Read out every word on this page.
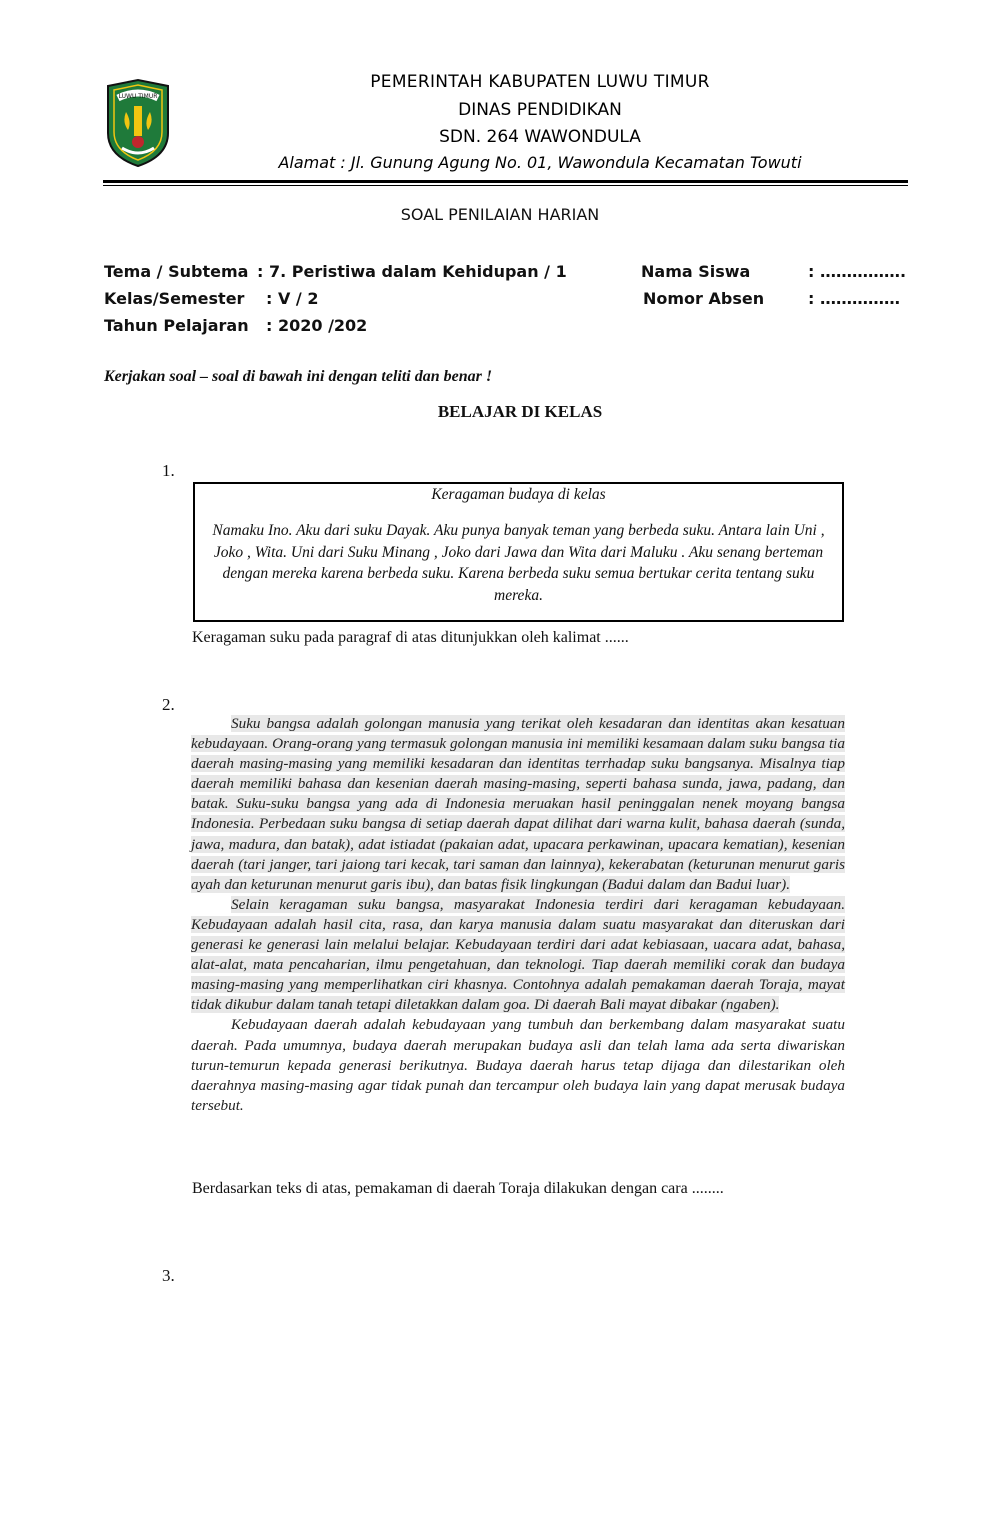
LUWU TIMUR
PEMERINTAH KABUPATEN LUWU TIMUR
DINAS PENDIDIKAN
SDN. 264 WAWONDULA
Alamat : Jl. Gunung Agung No. 01, Wawondula Kecamatan Towuti
SOAL PENILAIAN HARIAN
Tema / Subtema : 7. Peristiwa dalam Kehidupan / 1
Kelas/Semester : V / 2
Tahun Pelajaran : 2020 /202
Nama Siswa	: …………….
Nomor Absen	: ……………
Kerjakan soal – soal di bawah ini dengan teliti dan benar !
BELAJAR DI KELAS
1.
Keragaman budaya di kelas
Namaku Ino. Aku dari suku Dayak. Aku punya banyak teman yang berbeda suku. Antara lain Uni , Joko , Wita. Uni dari Suku Minang , Joko dari Jawa dan Wita dari Maluku . Aku senang berteman dengan mereka karena berbeda suku. Karena berbeda suku semua bertukar cerita tentang suku mereka.
Keragaman suku pada paragraf di atas ditunjukkan oleh kalimat ......
2.

Suku bangsa adalah golongan manusia yang terikat oleh kesadaran dan identitas akan kesatuan kebudayaan. Orang-orang yang termasuk golongan manusia ini memiliki kesamaan dalam suku bangsa tia daerah masing-masing yang memiliki kesadaran dan identitas terrhadap suku bangsanya. Misalnya tiap daerah memiliki bahasa dan kesenian daerah masing-masing, seperti bahasa sunda, jawa, padang, dan batak. Suku-suku bangsa yang ada di Indonesia meruakan hasil peninggalan nenek moyang bangsa Indonesia. Perbedaan suku bangsa di setiap daerah dapat dilihat dari warna kulit, bahasa daerah (sunda, jawa, madura, dan batak), adat istiadat (pakaian adat, upacara perkawinan, upacara kematian), kesenian daerah (tari janger, tari jaiong tari kecak, tari saman dan lainnya), kekerabatan (keturunan menurut garis ayah dan keturunan menurut garis ibu), dan batas fisik lingkungan (Badui dalam dan Badui luar).

Selain keragaman suku bangsa, masyarakat Indonesia terdiri dari keragaman kebudayaan. Kebudayaan adalah hasil cita, rasa, dan karya manusia dalam suatu masyarakat dan diteruskan dari generasi ke generasi lain melalui belajar. Kebudayaan terdiri dari adat kebiasaan, uacara adat, bahasa, alat-alat, mata pencaharian, ilmu pengetahuan, dan teknologi. Tiap daerah memiliki corak dan budaya masing-masing yang memperlihatkan ciri khasnya. Contohnya adalah pemakaman daerah Toraja, mayat tidak dikubur dalam tanah tetapi diletakkan dalam goa. Di daerah Bali mayat dibakar (ngaben).

Kebudayaan daerah adalah kebudayaan yang tumbuh dan berkembang dalam masyarakat suatu daerah. Pada umumnya, budaya daerah merupakan budaya asli dan telah lama ada serta diwariskan turun-temurun kepada generasi berikutnya. Budaya daerah harus tetap dijaga dan dilestarikan oleh daerahnya masing-masing agar tidak punah dan tercampur oleh budaya lain yang dapat merusak budaya tersebut.

Berdasarkan teks di atas, pemakaman di daerah Toraja dilakukan dengan cara ........
3.
